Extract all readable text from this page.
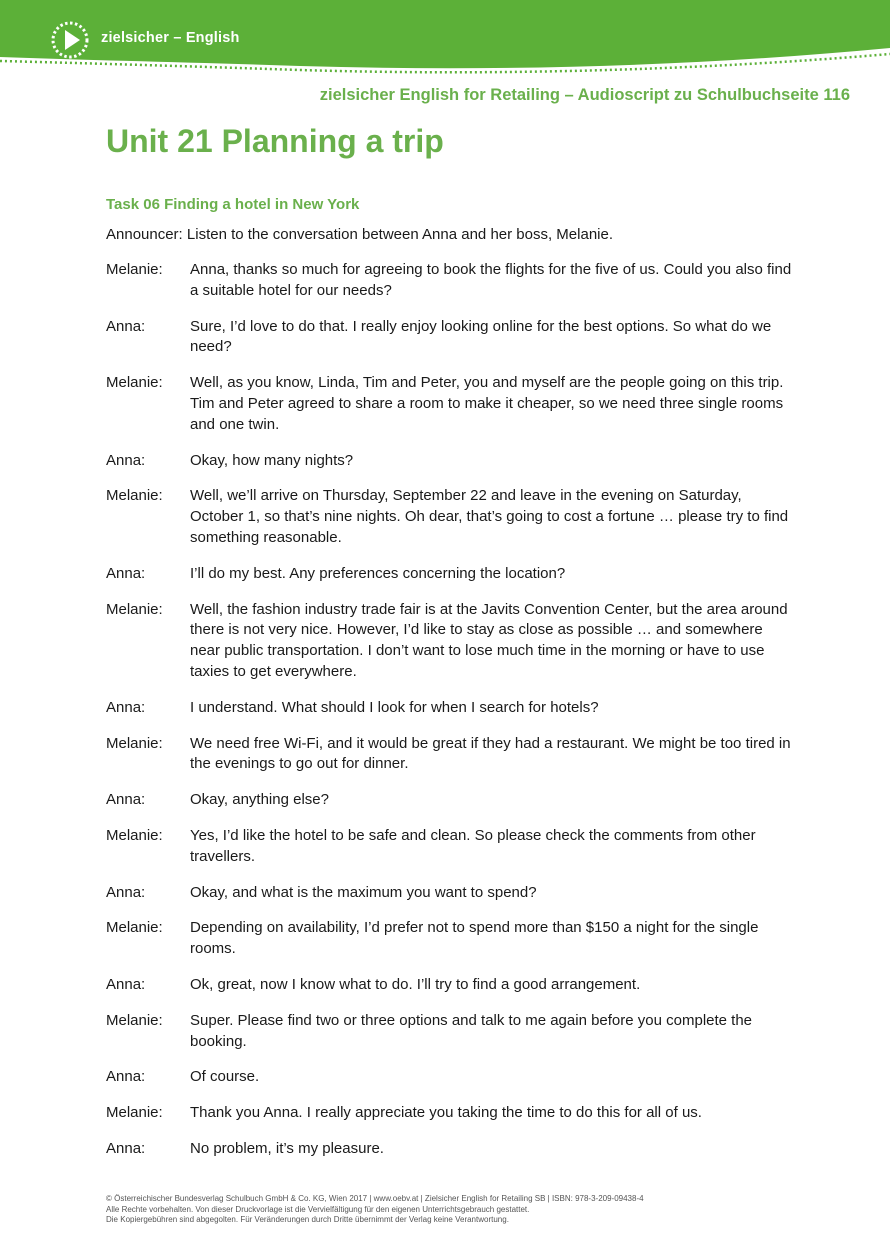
zielsicher – English
zielsicher English for Retailing – Audioscript zu Schulbuchseite 116
Unit 21 Planning a trip
Task 06 Finding a hotel in New York
Announcer: Listen to the conversation between Anna and her boss, Melanie.
Melanie:	Anna, thanks so much for agreeing to book the flights for the five of us. Could you also find a suitable hotel for our needs?
Anna:	Sure, I’d love to do that. I really enjoy looking online for the best options. So what do we need?
Melanie:	Well, as you know, Linda, Tim and Peter, you and myself are the people going on this trip. Tim and Peter agreed to share a room to make it cheaper, so we need three single rooms and one twin.
Anna:	Okay, how many nights?
Melanie:	Well, we’ll arrive on Thursday, September 22 and leave in the evening on Saturday, October 1, so that’s nine nights. Oh dear, that’s going to cost a fortune … please try to find something reasonable.
Anna:	I’ll do my best. Any preferences concerning the location?
Melanie:	Well, the fashion industry trade fair is at the Javits Convention Center, but the area around there is not very nice. However, I’d like to stay as close as possible … and somewhere near public transportation. I don’t want to lose much time in the morning or have to use taxies to get everywhere.
Anna:	I understand. What should I look for when I search for hotels?
Melanie:	We need free Wi-Fi, and it would be great if they had a restaurant. We might be too tired in the evenings to go out for dinner.
Anna:	Okay, anything else?
Melanie:	Yes, I’d like the hotel to be safe and clean. So please check the comments from other travellers.
Anna:	Okay, and what is the maximum you want to spend?
Melanie:	Depending on availability, I’d prefer not to spend more than $150 a night for the single rooms.
Anna:	Ok, great, now I know what to do. I’ll try to find a good arrangement.
Melanie:	Super. Please find two or three options and talk to me again before you complete the booking.
Anna:	Of course.
Melanie:	Thank you Anna. I really appreciate you taking the time to do this for all of us.
Anna:	No problem, it’s my pleasure.
© Österreichischer Bundesverlag Schulbuch GmbH & Co. KG, Wien 2017 | www.oebv.at | Zielsicher English for Retailing SB | ISBN: 978-3-209-09438-4
Alle Rechte vorbehalten. Von dieser Druckvorlage ist die Vervielfältigung für den eigenen Unterrichtsgebrauch gestattet.
Die Kopiergebühren sind abgegolten. Für Veränderungen durch Dritte übernimmt der Verlag keine Verantwortung.
